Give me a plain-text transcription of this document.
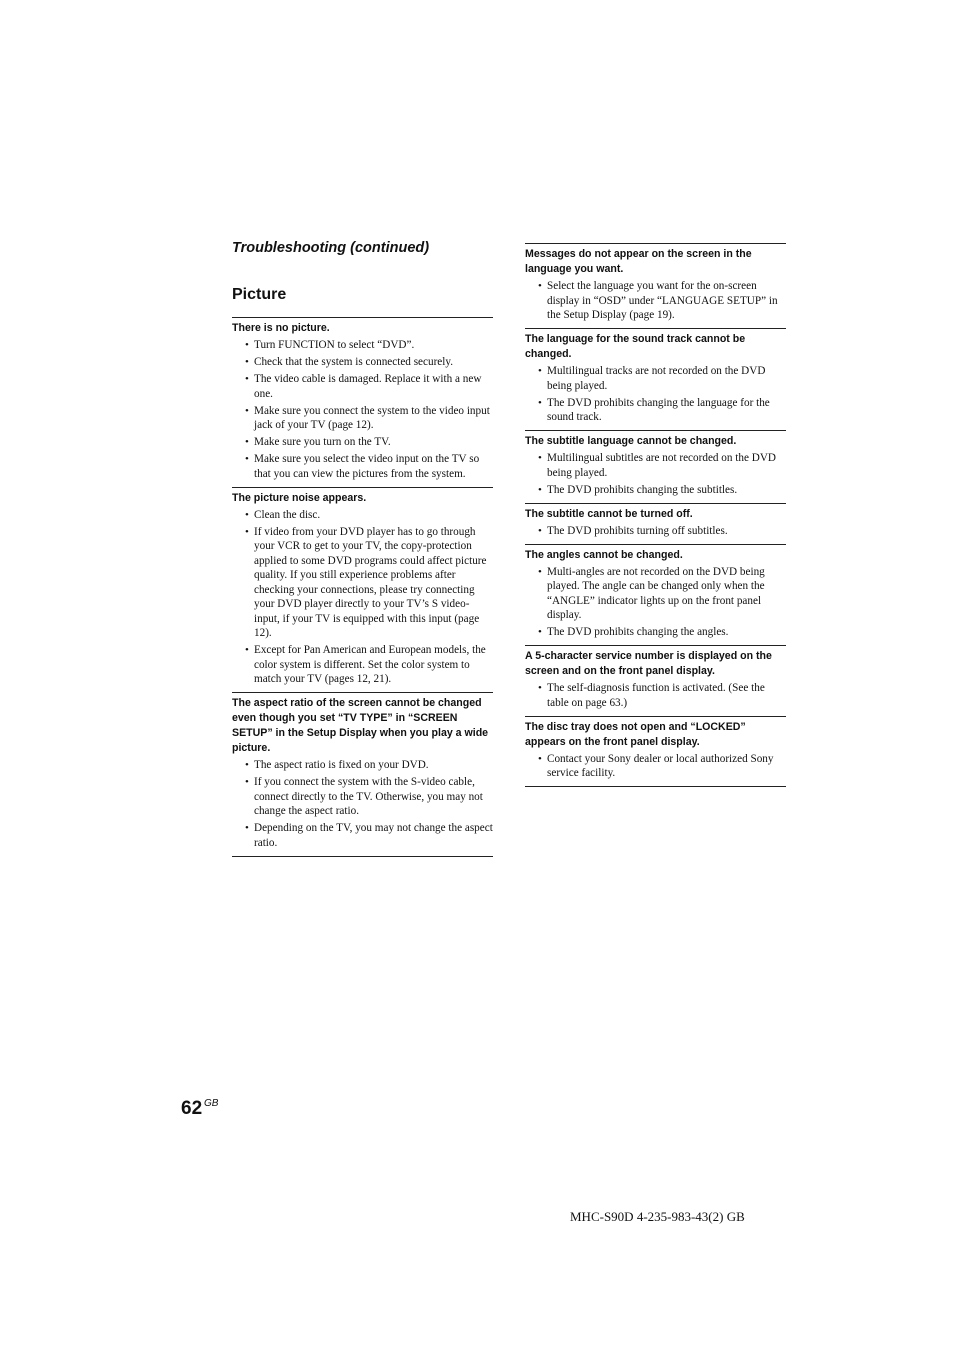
Troubleshooting (continued)
Picture
There is no picture.
• Turn FUNCTION to select “DVD”.
• Check that the system is connected securely.
• The video cable is damaged. Replace it with a new one.
• Make sure you connect the system to the video input jack of your TV (page 12).
• Make sure you turn on the TV.
• Make sure you select the video input on the TV so that you can view the pictures from the system.
The picture noise appears.
• Clean the disc.
• If video from your DVD player has to go through your VCR to get to your TV, the copy-protection applied to some DVD programs could affect picture quality. If you still experience problems after checking your connections, please try connecting your DVD player directly to your TV’s S video-input, if your TV is equipped with this input (page 12).
• Except for Pan American and European models, the color system is different. Set the color system to match your TV (pages 12, 21).
The aspect ratio of the screen cannot be changed even though you set “TV TYPE” in “SCREEN SETUP” in the Setup Display when you play a wide picture.
• The aspect ratio is fixed on your DVD.
• If you connect the system with the S-video cable, connect directly to the TV. Otherwise, you may not change the aspect ratio.
• Depending on the TV, you may not change the aspect ratio.
Messages do not appear on the screen in the language you want.
• Select the language you want for the on-screen display in “OSD” under “LANGUAGE SETUP” in the Setup Display (page 19).
The language for the sound track cannot be changed.
• Multilingual tracks are not recorded on the DVD being played.
• The DVD prohibits changing the language for the sound track.
The subtitle language cannot be changed.
• Multilingual subtitles are not recorded on the DVD being played.
• The DVD prohibits changing the subtitles.
The subtitle cannot be turned off.
• The DVD prohibits turning off subtitles.
The angles cannot be changed.
• Multi-angles are not recorded on the DVD being played. The angle can be changed only when the “ANGLE” indicator lights up on the front panel display.
• The DVD prohibits changing the angles.
A 5-character service number is displayed on the screen and on the front panel display.
• The self-diagnosis function is activated. (See the table on page 63.)
The disc tray does not open and “LOCKED” appears on the front panel display.
• Contact your Sony dealer or local authorized Sony service facility.
62 GB
MHC-S90D 4-235-983-43(2) GB
